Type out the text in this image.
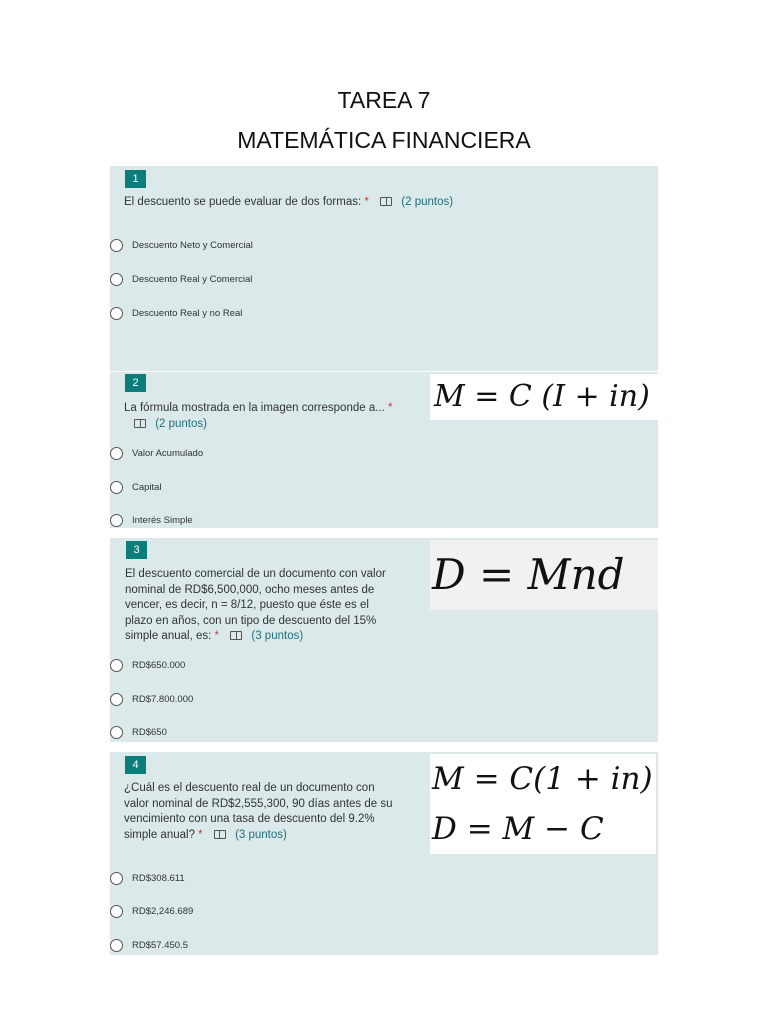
TAREA 7
MATEMÁTICA FINANCIERA
1
El descuento se puede evaluar de dos formas: *	(2 puntos)
Descuento Neto y Comercial
Descuento Real y Comercial
Descuento Real y no Real
2
La fórmula mostrada en la imagen corresponde a... *
(2 puntos)
M = C (I + in)
Valor Acumulado
Capital
Interés Simple
3
El descuento comercial de un documento con valor
nominal de RD$6,500,000, ocho meses antes de
vencer, es decir, n = 8/12, puesto que éste es el
plazo en años, con un tipo de descuento del 15%
simple anual, es: *	(3 puntos)
D = Mnd
RD$650.000
RD$7.800.000
RD$650
4
¿Cuál es el descuento real de un documento con
valor nominal de RD$2,555,300, 90 días antes de su
vencimiento con una tasa de descuento del 9.2%
simple anual? *	(3 puntos)
M = C(1 + in)
D = M − C
RD$308.611
RD$2,246.689
RD$57.450.5
